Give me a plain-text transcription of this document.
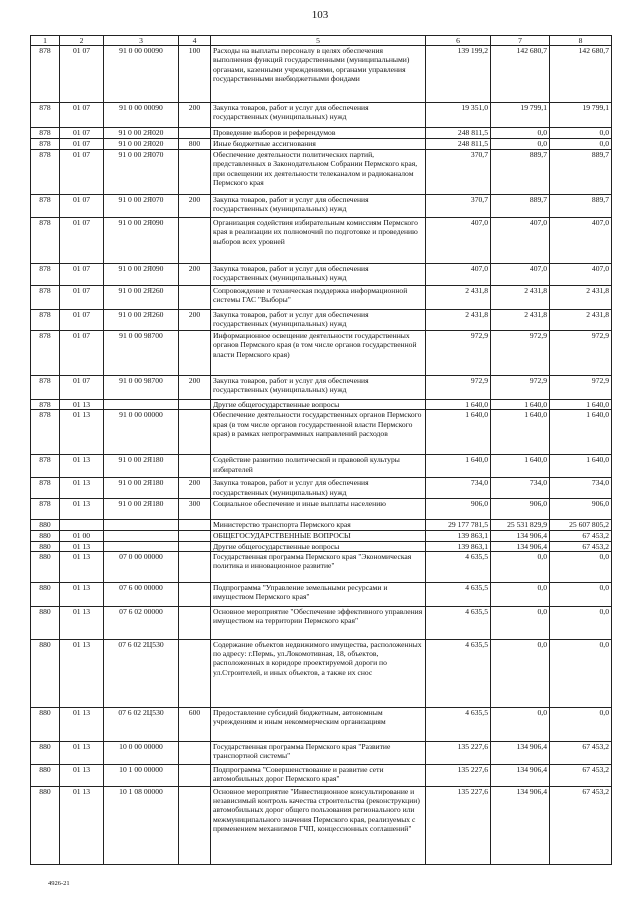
103
1	2	3	4	5	6	7	8
878	01 07	91 0 00 00090	100	Расходы на выплаты персоналу в целях обеспечения выполнения функций государственными (муниципальными) органами, казенными учреждениями, органами управления государственными внебюджетными фондами	139 199,2	142 680,7	142 680,7
878	01 07	91 0 00 00090	200	Закупка товаров, работ и услуг для обеспечения государственных (муниципальных) нужд	19 351,0	19 799,1	19 799,1
878	01 07	91 0 00 2Я020		Проведение выборов и референдумов	248 811,5	0,0	0,0
878	01 07	91 0 00 2Я020	800	Иные бюджетные ассигнования	248 811,5	0,0	0,0
878	01 07	91 0 00 2Я070		Обеспечение деятельности политических партий, представленных в Законодательном Собрании Пермского края, при освещении их деятельности телеканалом и радиоканалом Пермского края	370,7	889,7	889,7
878	01 07	91 0 00 2Я070	200	Закупка товаров, работ и услуг для обеспечения государственных (муниципальных) нужд	370,7	889,7	889,7
878	01 07	91 0 00 2Я090		Организация содействия избирательным комиссиям Пермского края в реализации их полномочий по подготовке и проведению выборов всех уровней	407,0	407,0	407,0
878	01 07	91 0 00 2Я090	200	Закупка товаров, работ и услуг для обеспечения государственных (муниципальных) нужд	407,0	407,0	407,0
878	01 07	91 0 00 2Я260		Сопровождение и техническая поддержка информационной системы ГАС "Выборы"	2 431,8	2 431,8	2 431,8
878	01 07	91 0 00 2Я260	200	Закупка товаров, работ и услуг для обеспечения государственных (муниципальных) нужд	2 431,8	2 431,8	2 431,8
878	01 07	91 0 00 98700		Информационное освещение деятельности государственных органов Пермского края (в том числе органов государственной власти Пермского края)	972,9	972,9	972,9
878	01 07	91 0 00 98700	200	Закупка товаров, работ и услуг для обеспечения государственных (муниципальных) нужд	972,9	972,9	972,9
878	01 13			Другие общегосударственные вопросы	1 640,0	1 640,0	1 640,0
878	01 13	91 0 00 00000		Обеспечение деятельности государственных органов Пермского края (в том числе органов государственной власти Пермского края) в рамках непрограммных направлений расходов	1 640,0	1 640,0	1 640,0
878	01 13	91 0 00 2Я180		Содействие развитию политической и правовой культуры избирателей	1 640,0	1 640,0	1 640,0
878	01 13	91 0 00 2Я180	200	Закупка товаров, работ и услуг для обеспечения государственных (муниципальных) нужд	734,0	734,0	734,0
878	01 13	91 0 00 2Я180	300	Социальное обеспечение и иные выплаты населению	906,0	906,0	906,0
880				Министерство транспорта Пермского края	29 177 781,5	25 531 829,9	25 607 805,2
880	01 00			ОБЩЕГОСУДАРСТВЕННЫЕ ВОПРОСЫ	139 863,1	134 906,4	67 453,2
880	01 13			Другие общегосударственные вопросы	139 863,1	134 906,4	67 453,2
880	01 13	07 0 00 00000		Государственная программа Пермского края "Экономическая политика и инновационное развитие"	4 635,5	0,0	0,0
880	01 13	07 6 00 00000		Подпрограмма "Управление земельными ресурсами и имуществом Пермского края"	4 635,5	0,0	0,0
880	01 13	07 6 02 00000		Основное мероприятие "Обеспечение эффективного управления имуществом на территории Пермского края"	4 635,5	0,0	0,0
880	01 13	07 6 02 2Ц530		Содержание объектов недвижимого имущества, расположенных по адресу: г.Пермь, ул.Локомотивная, 18, объектов, расположенных в коридоре проектируемой дороги по ул.Строителей, и иных объектов, а также их снос	4 635,5	0,0	0,0
880	01 13	07 6 02 2Ц530	600	Предоставление субсидий бюджетным, автономным учреждениям и иным некоммерческим организациям	4 635,5	0,0	0,0
880	01 13	10 0 00 00000		Государственная программа Пермского края "Развитие транспортной системы"	135 227,6	134 906,4	67 453,2
880	01 13	10 1 00 00000		Подпрограмма "Совершенствование и развитие сети автомобильных дорог Пермского края"	135 227,6	134 906,4	67 453,2
880	01 13	10 1 08 00000		Основное мероприятие "Инвестиционное консультирование и независимый контроль качества строительства (реконструкции) автомобильных дорог общего пользования регионального или межмуниципального значения Пермского края, реализуемых с применением механизмов ГЧП, концессионных соглашений"	135 227,6	134 906,4	67 453,2
4926-21
